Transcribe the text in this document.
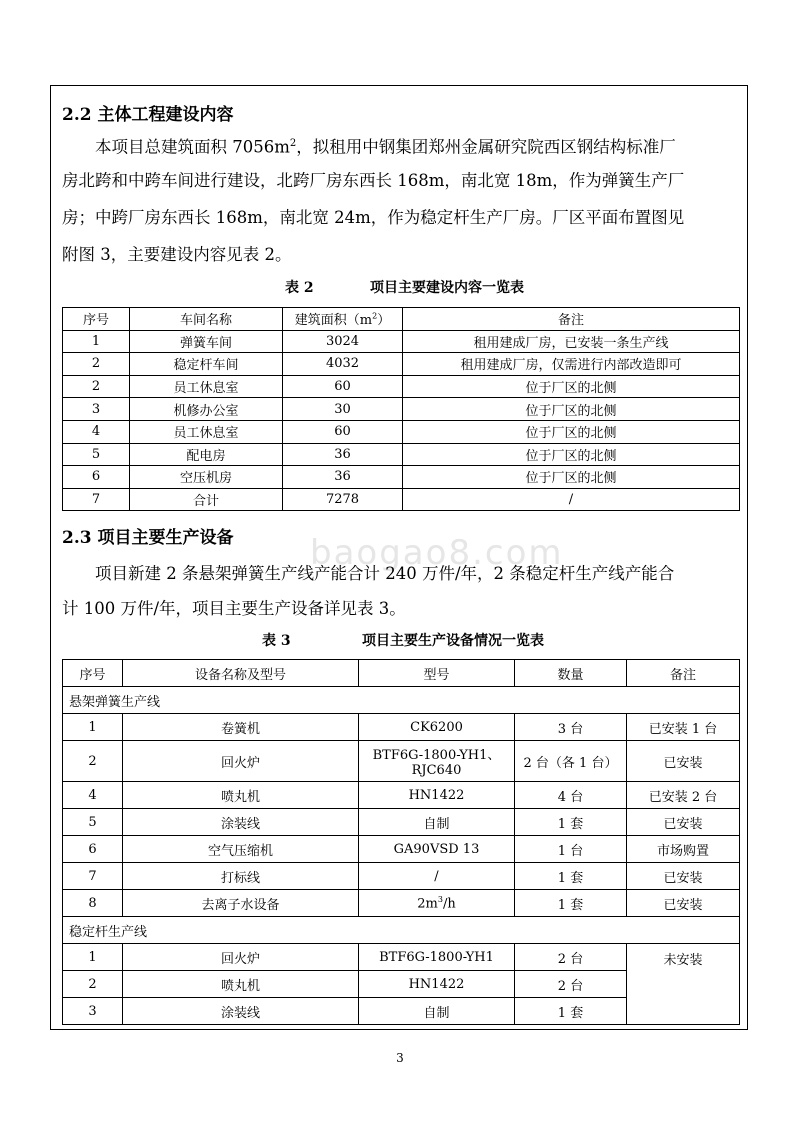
2.2 主体工程建设内容
本项目总建筑面积 $7056m^2$，拟租用中钢集团郑州金属研究院西区钢结构标准厂
房北跨和中跨车间进行建设，北跨厂房东西长 168m，南北宽 18m，作为弹簧生产厂
房；中跨厂房东西长 168m，南北宽 24m，作为稳定杆生产厂房。厂区平面布置图见
附图 3，主要建设内容见表 2。
表 2	项目主要建设内容一览表
序号	车间名称	建筑面积$(m^2)$	备注
1	弹簧车间	3024	租用建成厂房，已安装一条生产线
2	稳定杆车间	4032	租用建成厂房，仅需进行内部改造即可
2	员工休息室	60	位于厂区的北侧
3	机修办公室	30	位于厂区的北侧
4	员工休息室	60	位于厂区的北侧
5	配电房	36	位于厂区的北侧
6	空压机房	36	位于厂区的北侧
7	合计	7278	/
2.3 项目主要生产设备 baogao8.com
项目新建 2 条悬架弹簧生产线产能合计 240 万件/年，2 条稳定杆生产线产能合
计 100 万件/年，项目主要生产设备详见表 3。
表 3	项目主要生产设备情况一览表
序号	设备名称及型号	型号	数量	备注
悬架弹簧生产线				
1	卷簧机	CK6200	3 台	已安装 1 台
2	回火炉	BTF6G-1800-YH1、
RJC640	2 台（各 1 台）	已安装
4	喷丸机	HN1422	4 台	已安装 2 台
5	涂装线	自制	1 套	已安装
6	空气压缩机	GA90VSD 13	1 台	市场购置
7	打标线	/	1 套	已安装
8	去离子水设备	$2m^3/h$	1 套	已安装
稳定杆生产线				
1	回火炉	BTF6G-1800-YH1	2 台	未安装
2	喷丸机	HN1422	2 台	
3	涂装线	自制	1 套	
3
